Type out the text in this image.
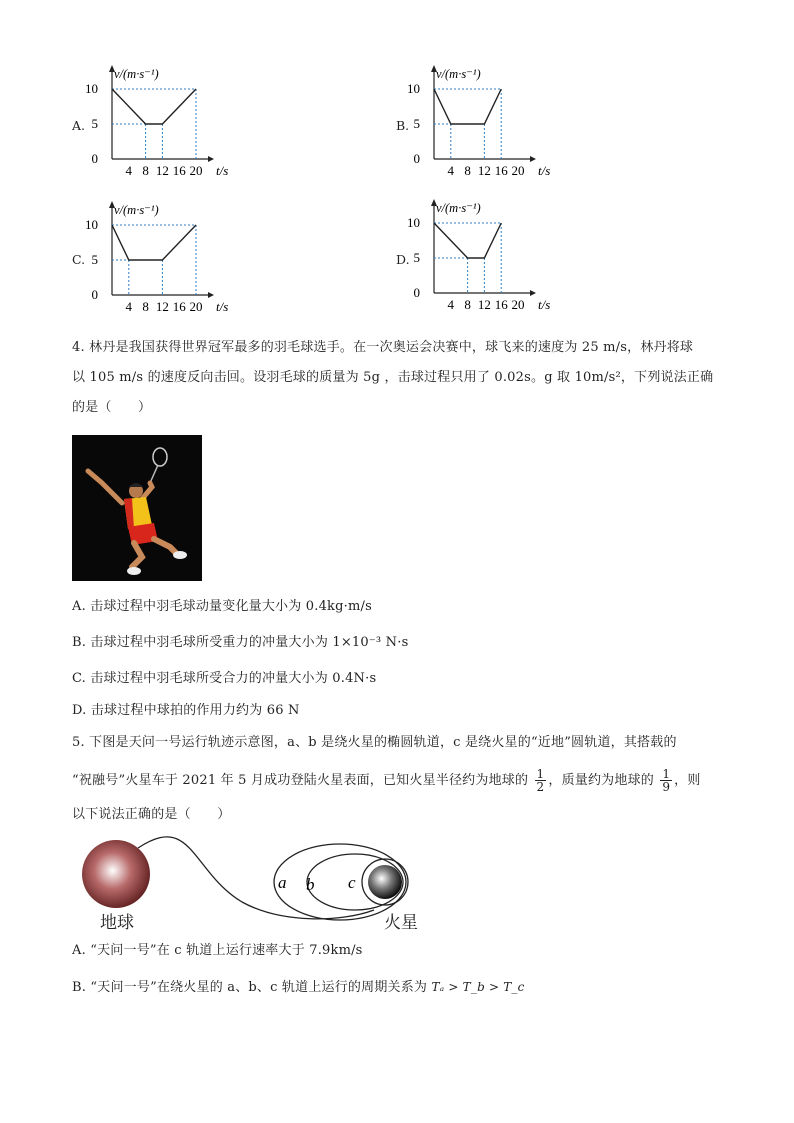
A.	B.
C.	D.
0
5
10
4 8 12 16 20
v/(m·s⁻¹)
t/s
0
5
10
4 8 12 16 20
v/(m·s⁻¹)
t/s
0
5
10
4 8 12 16 20
v/(m·s⁻¹)
t/s
0
5
10
4 8 12 16 20
v/(m·s⁻¹)
t/s
4. 林丹是我国获得世界冠军最多的羽毛球选手。在一次奥运会决赛中，球飞来的速度为 25 m/s，林丹将球
以 105 m/s 的速度反向击回。设羽毛球的质量为 5g ，击球过程只用了 0.02s。g 取 10m/s²，下列说法正确
的是（　　）
A. 击球过程中羽毛球动量变化量大小为 0.4kg·m/s
B. 击球过程中羽毛球所受重力的冲量大小为 1×10⁻³ N·s
C. 击球过程中羽毛球所受合力的冲量大小为 0.4N·s
D. 击球过程中球拍的作用力约为 66 N
5. 下图是天问一号运行轨迹示意图，a、b 是绕火星的椭圆轨道，c 是绕火星的“近地”圆轨道，其搭载的
“祝融号”火星车于 2021 年 5 月成功登陆火星表面，已知火星半径约为地球的 $\frac{1}{2}$ ，质量约为地球的 $\frac{1}{9}$ ，则
以下说法正确的是（　　）
a b c
地球	火星
A. “天问一号”在 c 轨道上运行速率大于 7.9km/s
B. “天问一号”在绕火星的 a、b、c 轨道上运行的周期关系为 Tₐ > T_b > T_c
